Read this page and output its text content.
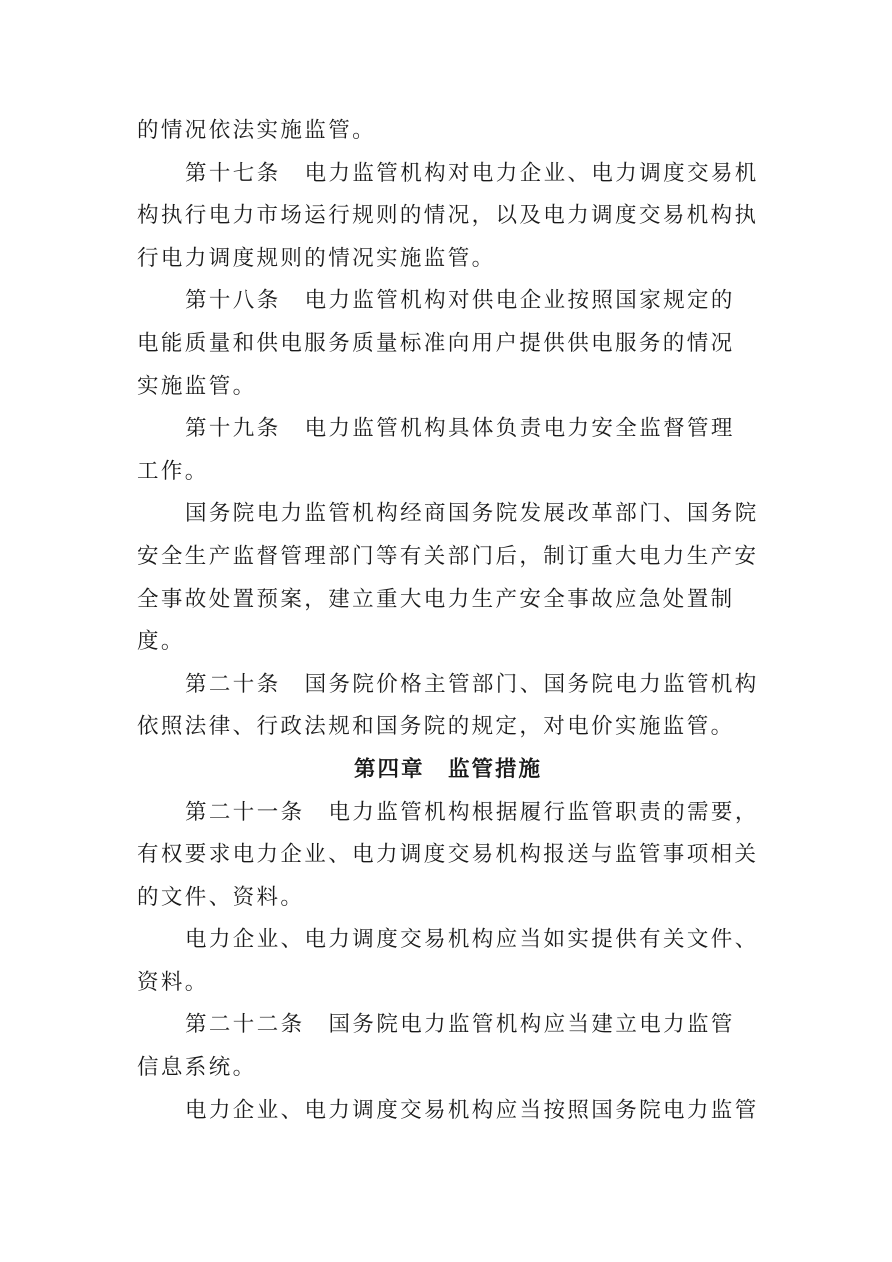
的情况依法实施监管。
第十七条 电力监管机构对电力企业、电力调度交易机
构执行电力市场运行规则的情况，以及电力调度交易机构执
行电力调度规则的情况实施监管。
第十八条 电力监管机构对供电企业按照国家规定的
电能质量和供电服务质量标准向用户提供供电服务的情况
实施监管。
第十九条 电力监管机构具体负责电力安全监督管理
工作。
国务院电力监管机构经商国务院发展改革部门、国务院
安全生产监督管理部门等有关部门后，制订重大电力生产安
全事故处置预案，建立重大电力生产安全事故应急处置制
度。
第二十条 国务院价格主管部门、国务院电力监管机构
依照法律、行政法规和国务院的规定，对电价实施监管。
第四章　监管措施
第二十一条 电力监管机构根据履行监管职责的需要，
有权要求电力企业、电力调度交易机构报送与监管事项相关
的文件、资料。
电力企业、电力调度交易机构应当如实提供有关文件、
资料。
第二十二条 国务院电力监管机构应当建立电力监管
信息系统。
电力企业、电力调度交易机构应当按照国务院电力监管
